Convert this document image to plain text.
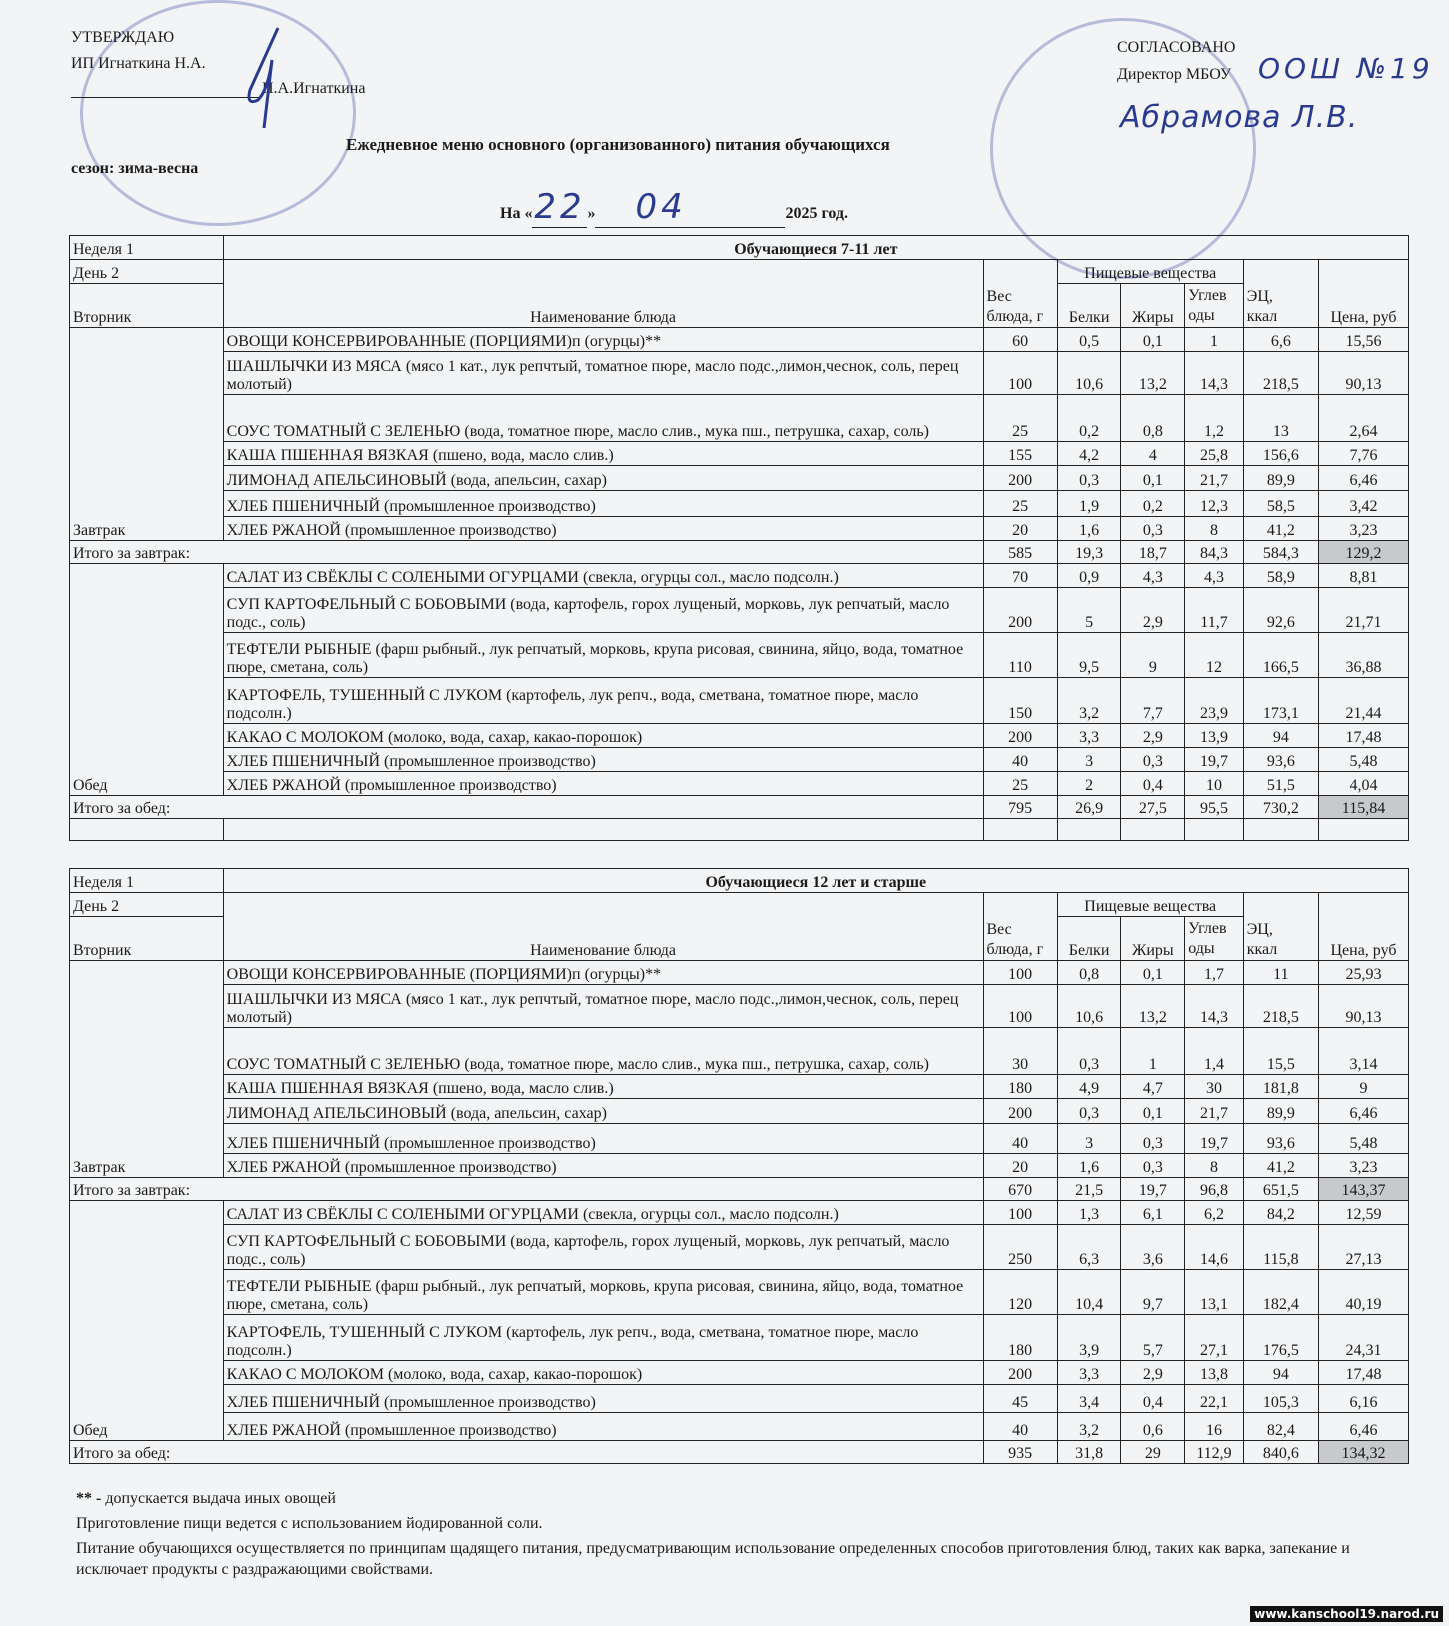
УТВЕРЖДАЮ
ИП Игнаткина Н.А.
Н.А.Игнаткина
СОГЛАСОВАНО
Директор МБОУ ООШ №19
Абрамова Л.В.
Ежедневное меню основного (организованного) питания обучающихся
сезон: зима-весна
На «22 » 04	2025 год.
Неделя 1	Обучающиеся 7-11 лет						
День 2	Наименование блюда	Вес блюда, г	Пищевые вещества			ЭЦ,
ккал	Цена, руб
Вторник			Белки	Жиры	Углев
оды		

Завтрак	ОВОЩИ КОНСЕРВИРОВАННЫЕ (ПОРЦИЯМИ)п (огурцы)**	60	0,5	0,1	1	6,6	15,56
	ШАШЛЫЧКИ ИЗ МЯСА (мясо 1 кат., лук репчтый, томатное пюре, масло подс.,лимон,чеснок, соль, перец молотый)	100	10,6	13,2	14,3	218,5	90,13
	СОУС ТОМАТНЫЙ С ЗЕЛЕНЬЮ (вода, томатное пюре, масло слив., мука пш., петрушка, сахар, соль)	25	0,2	0,8	1,2	13	2,64
	КАША ПШЕННАЯ ВЯЗКАЯ (пшено, вода, масло слив.)	155	4,2	4	25,8	156,6	7,76
	ЛИМОНАД АПЕЛЬСИНОВЫЙ (вода, апельсин, сахар)	200	0,3	0,1	21,7	89,9	6,46
	ХЛЕБ ПШЕНИЧНЫЙ (промышленное производство)	25	1,9	0,2	12,3	58,5	3,42
	ХЛЕБ РЖАНОЙ (промышленное производство)	20	1,6	0,3	8	41,2	3,23
Итого за завтрак:		585	19,3	18,7	84,3	584,3	129,2
Обед	САЛАТ ИЗ СВЁКЛЫ С СОЛЕНЫМИ ОГУРЦАМИ (свекла, огурцы сол., масло подсолн.)	70	0,9	4,3	4,3	58,9	8,81
	СУП КАРТОФЕЛЬНЫЙ С БОБОВЫМИ (вода, картофель, горох лущеный, морковь, лук репчатый, масло подс., соль)	200	5	2,9	11,7	92,6	21,71
	ТЕФТЕЛИ РЫБНЫЕ (фарш рыбный., лук репчатый, морковь, крупа рисовая, свинина, яйцо, вода, томатное пюре, сметана, соль)	110	9,5	9	12	166,5	36,88
	КАРТОФЕЛЬ, ТУШЕННЫЙ С ЛУКОМ (картофель, лук репч., вода, сметвана, томатное пюре, масло подсолн.)	150	3,2	7,7	23,9	173,1	21,44
	КАКАО С МОЛОКОМ (молоко, вода, сахар, какао-порошок)	200	3,3	2,9	13,9	94	17,48
	ХЛЕБ ПШЕНИЧНЫЙ (промышленное производство)	40	3	0,3	19,7	93,6	5,48
	ХЛЕБ РЖАНОЙ (промышленное производство)	25	2	0,4	10	51,5	4,04
Итого за обед:		795	26,9	27,5	95,5	730,2	115,84

Неделя 1	Обучающиеся 12 лет и старше						
День 2	Наименование блюда	Вес блюда, г	Пищевые вещества			ЭЦ,
ккал	Цена, руб
Вторник			Белки	Жиры	Углев
оды		

Завтрак	ОВОЩИ КОНСЕРВИРОВАННЫЕ (ПОРЦИЯМИ)п (огурцы)**	100	0,8	0,1	1,7	11	25,93
	ШАШЛЫЧКИ ИЗ МЯСА (мясо 1 кат., лук репчтый, томатное пюре, масло подс.,лимон,чеснок, соль, перец молотый)	100	10,6	13,2	14,3	218,5	90,13
	СОУС ТОМАТНЫЙ С ЗЕЛЕНЬЮ (вода, томатное пюре, масло слив., мука пш., петрушка, сахар, соль)	30	0,3	1	1,4	15,5	3,14
	КАША ПШЕННАЯ ВЯЗКАЯ (пшено, вода, масло слив.)	180	4,9	4,7	30	181,8	9
	ЛИМОНАД АПЕЛЬСИНОВЫЙ (вода, апельсин, сахар)	200	0,3	0,1	21,7	89,9	6,46
	ХЛЕБ ПШЕНИЧНЫЙ (промышленное производство)	40	3	0,3	19,7	93,6	5,48
	ХЛЕБ РЖАНОЙ (промышленное производство)	20	1,6	0,3	8	41,2	3,23
Итого за завтрак:		670	21,5	19,7	96,8	651,5	143,37
Обед	САЛАТ ИЗ СВЁКЛЫ С СОЛЕНЫМИ ОГУРЦАМИ (свекла, огурцы сол., масло подсолн.)	100	1,3	6,1	6,2	84,2	12,59
	СУП КАРТОФЕЛЬНЫЙ С БОБОВЫМИ (вода, картофель, горох лущеный, морковь, лук репчатый, масло подс., соль)	250	6,3	3,6	14,6	115,8	27,13
	ТЕФТЕЛИ РЫБНЫЕ (фарш рыбный., лук репчатый, морковь, крупа рисовая, свинина, яйцо, вода, томатное пюре, сметана, соль)	120	10,4	9,7	13,1	182,4	40,19
	КАРТОФЕЛЬ, ТУШЕННЫЙ С ЛУКОМ (картофель, лук репч., вода, сметвана, томатное пюре, масло подсолн.)	180	3,9	5,7	27,1	176,5	24,31
	КАКАО С МОЛОКОМ (молоко, вода, сахар, какао-порошок)	200	3,3	2,9	13,8	94	17,48
	ХЛЕБ ПШЕНИЧНЫЙ (промышленное производство)	45	3,4	0,4	22,1	105,3	6,16
	ХЛЕБ РЖАНОЙ (промышленное производство)	40	3,2	0,6	16	82,4	6,46
Итого за обед:		935	31,8	29	112,9	840,6	134,32
** - допускается выдача иных овощей
Приготовление пищи ведется с использованием йодированной соли.
Питание обучающихся осуществляется по принципам щадящего питания, предусматривающим использование определенных способов приготовления блюд, таких как варка, запекание и исключает продукты с раздражающими свойствами.
www.kanschool19.narod.ru
